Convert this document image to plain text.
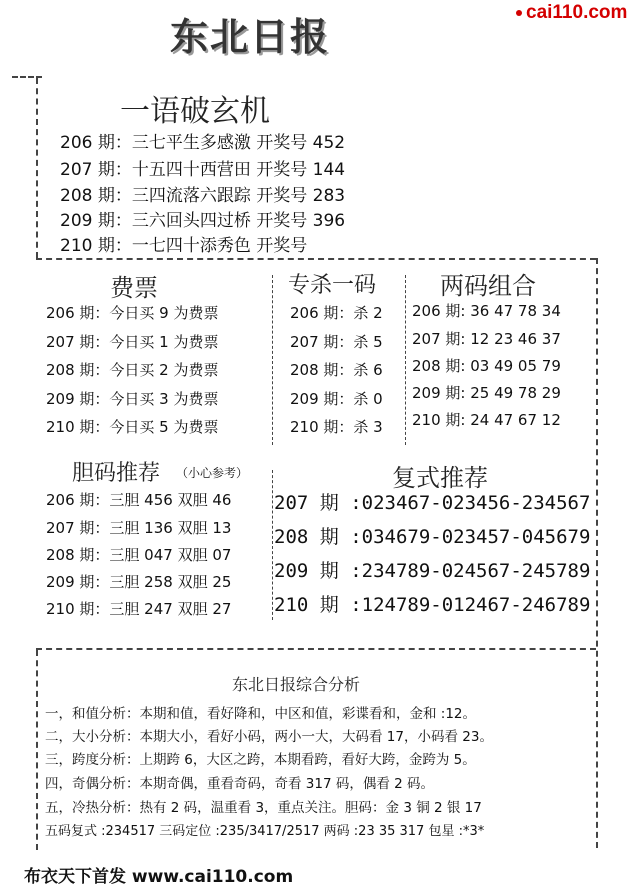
东北日报
cai110.com
一语破玄机
206 期：三七平生多感激 开奖号 452
207 期：十五四十西营田 开奖号 144
208 期：三四流落六跟踪 开奖号 283
209 期：三六回头四过桥 开奖号 396
210 期：一七四十添秀色 开奖号
费票
206 期：今日买 9 为费票
207 期：今日买 1 为费票
208 期：今日买 2 为费票
209 期：今日买 3 为费票
210 期：今日买 5 为费票
专杀一码
206 期：杀 2
207 期：杀 5
208 期：杀 6
209 期：杀 0
210 期：杀 3
两码组合
206 期: 36 47 78 34
207 期: 12 23 46 37
208 期: 03 49 05 79
209 期: 25 49 78 29
210 期: 24 47 67 12
胆码推荐 （小心参考）
206 期：三胆 456 双胆 46
207 期：三胆 136 双胆 13
208 期：三胆 047 双胆 07
209 期：三胆 258 双胆 25
210 期：三胆 247 双胆 27
复式推荐
207 期 :023467-023456-234567
208 期 :034679-023457-045679
209 期 :234789-024567-245789
210 期 :124789-012467-246789
东北日报综合分析
一，和值分析：本期和值，看好降和，中区和值，彩谍看和，金和 :12。
二，大小分析：本期大小，看好小码，两小一大，大码看 17，小码看 23。
三，跨度分析：上期跨 6，大区之跨，本期看跨，看好大跨，金跨为 5。
四，奇偶分析：本期奇偶，重看奇码，奇看 317 码，偶看 2 码。
五，冷热分析：热有 2 码，温重看 3，重点关注。胆码：金 3 铜 2 银 17
五码复式 :234517 三码定位 :235/3417/2517 两码 :23 35 317 包星 :*3*
布衣天下首发 www.cai110.com
